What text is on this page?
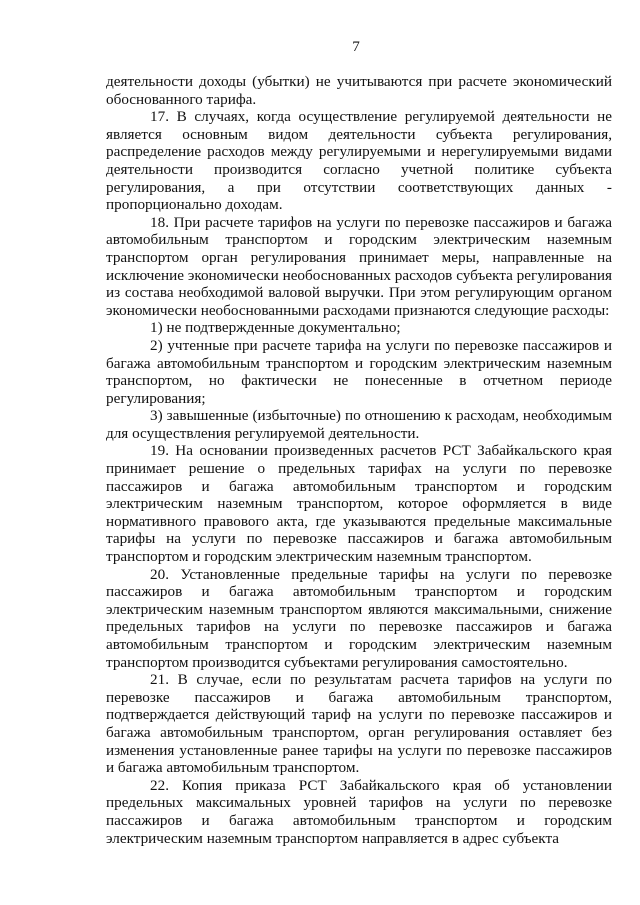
7

деятельности доходы (убытки) не учитываются при расчете экономический обоснованного тарифа.

17. В случаях, когда осуществление регулируемой деятельности не является основным видом деятельности субъекта регулирования, распределение расходов между регулируемыми и нерегулируемыми видами деятельности производится согласно учетной политике субъекта регулирования, а при отсутствии соответствующих данных - пропорционально доходам.

18. При расчете тарифов на услуги по перевозке пассажиров и багажа автомобильным транспортом и городским электрическим наземным транспортом орган регулирования принимает меры, направленные на исключение экономически необоснованных расходов субъекта регулирования из состава необходимой валовой выручки. При этом регулирующим органом экономически необоснованными расходами признаются следующие расходы:

1) не подтвержденные документально;

2) учтенные при расчете тарифа на услуги по перевозке пассажиров и багажа автомобильным транспортом и городским электрическим наземным транспортом, но фактически не понесенные в отчетном периоде регулирования;

3) завышенные (избыточные) по отношению к расходам, необходимым для осуществления регулируемой деятельности.

19. На основании произведенных расчетов РСТ Забайкальского края принимает решение о предельных тарифах на услуги по перевозке пассажиров и багажа автомобильным транспортом и городским электрическим наземным транспортом, которое оформляется в виде нормативного правового акта, где указываются предельные максимальные тарифы на услуги по перевозке пассажиров и багажа автомобильным транспортом и городским электрическим наземным транспортом.

20. Установленные предельные тарифы на услуги по перевозке пассажиров и багажа автомобильным транспортом и городским электрическим наземным транспортом являются максимальными, снижение предельных тарифов на услуги по перевозке пассажиров и багажа автомобильным транспортом и городским электрическим наземным транспортом производится субъектами регулирования самостоятельно.

21. В случае, если по результатам расчета тарифов на услуги по перевозке пассажиров и багажа автомобильным транспортом, подтверждается действующий тариф на услуги по перевозке пассажиров и багажа автомобильным транспортом, орган регулирования оставляет без изменения установленные ранее тарифы на услуги по перевозке пассажиров и багажа автомобильным транспортом.

22. Копия приказа РСТ Забайкальского края об установлении предельных максимальных уровней тарифов на услуги по перевозке пассажиров и багажа автомобильным транспортом и городским электрическим наземным транспортом направляется в адрес субъекта
